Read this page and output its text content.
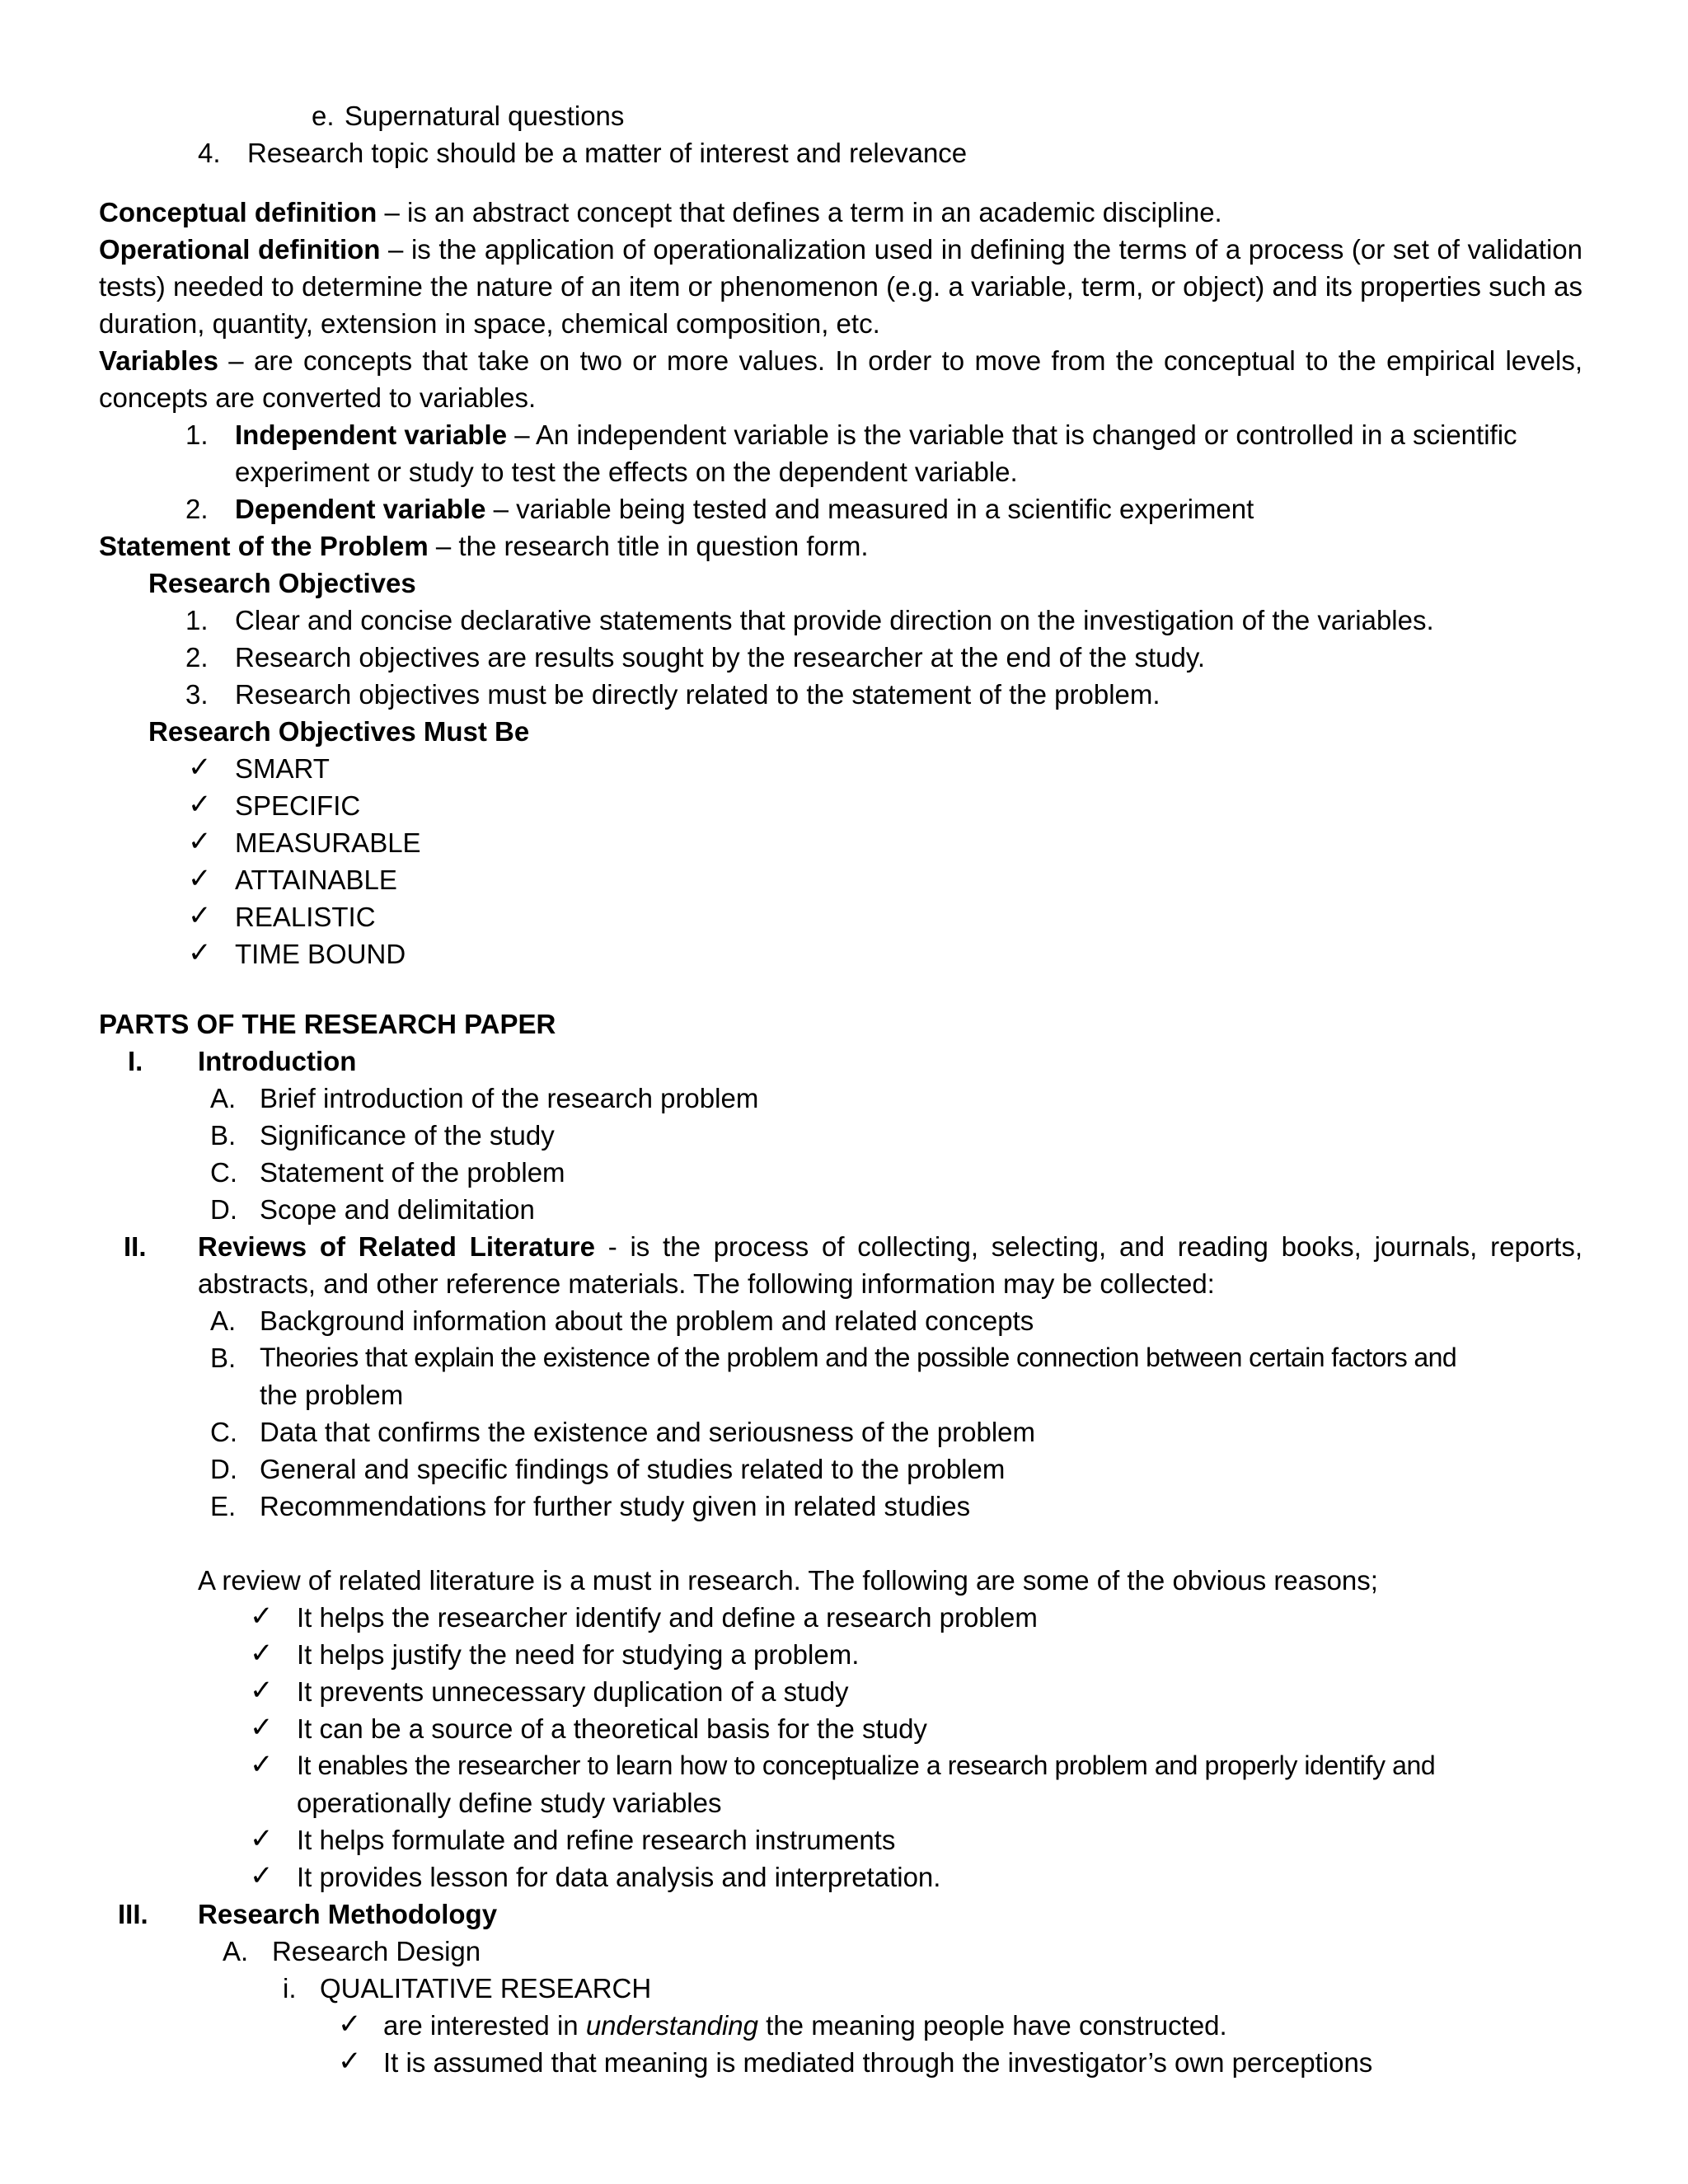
e. Supernatural questions
4. Research topic should be a matter of interest and relevance
Conceptual definition – is an abstract concept that defines a term in an academic discipline.
Operational definition – is the application of operationalization used in defining the terms of a process (or set of validation tests) needed to determine the nature of an item or phenomenon (e.g. a variable, term, or object) and its properties such as duration, quantity, extension in space, chemical composition, etc.
Variables – are concepts that take on two or more values. In order to move from the conceptual to the empirical levels, concepts are converted to variables.
1. Independent variable – An independent variable is the variable that is changed or controlled in a scientific
experiment or study to test the effects on the dependent variable.
2. Dependent variable – variable being tested and measured in a scientific experiment
Statement of the Problem – the research title in question form.
Research Objectives
1. Clear and concise declarative statements that provide direction on the investigation of the variables.
2. Research objectives are results sought by the researcher at the end of the study.
3. Research objectives must be directly related to the statement of the problem.
Research Objectives Must Be
✓ SMART
✓ SPECIFIC
✓ MEASURABLE
✓ ATTAINABLE
✓ REALISTIC
✓ TIME BOUND
PARTS OF THE RESEARCH PAPER
I. Introduction
A. Brief introduction of the research problem
B. Significance of the study
C. Statement of the problem
D. Scope and delimitation
II. Reviews of Related Literature - is the process of collecting, selecting, and reading books, journals, reports, abstracts, and other reference materials. The following information may be collected:
A. Background information about the problem and related concepts
B. Theories that explain the existence of the problem and the possible connection between certain factors and
the problem
C. Data that confirms the existence and seriousness of the problem
D. General and specific findings of studies related to the problem
E. Recommendations for further study given in related studies
A review of related literature is a must in research. The following are some of the obvious reasons;
✓ It helps the researcher identify and define a research problem
✓ It helps justify the need for studying a problem.
✓ It prevents unnecessary duplication of a study
✓ It can be a source of a theoretical basis for the study
✓ It enables the researcher to learn how to conceptualize a research problem and properly identify and
operationally define study variables
✓ It helps formulate and refine research instruments
✓ It provides lesson for data analysis and interpretation.
III. Research Methodology
A. Research Design
i. QUALITATIVE RESEARCH
✓ are interested in understanding the meaning people have constructed.
✓ It is assumed that meaning is mediated through the investigator’s own perceptions
